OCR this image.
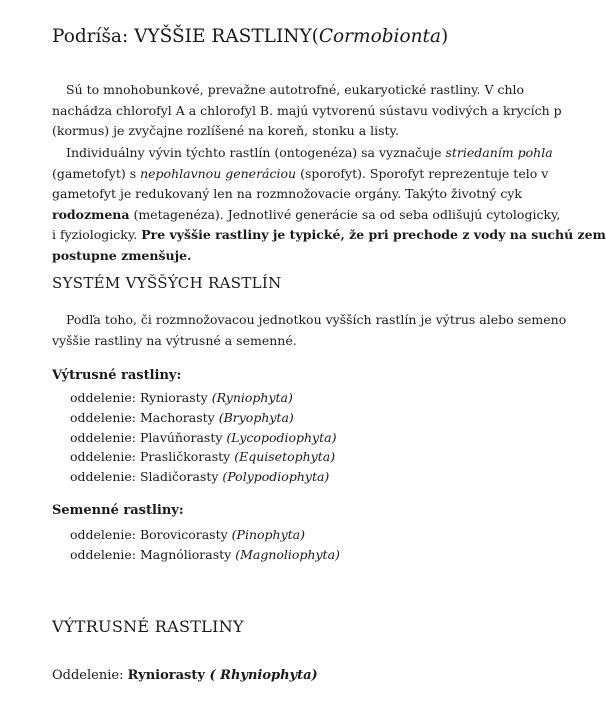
Podríša: VYŠŠIE RASTLINY(Cormobionta)
Sú to mnohobunkové, prevažne autotrofné, eukaryotické rastliny. V chlo
nachádza chlorofyl A a chlorofyl B. majú vytvorenú sústavu vodivých a krycích p
(kormus) je zvyčajne rozlíšené na koreň, stonku a listy.
Individuálny vývin týchto rastlín (ontogenéza) sa vyznačuje striedaním pohla
(gametofyt) s nepohlavnou generáciou (sporofyt). Sporofyt reprezentuje telo v
gametofyt je redukovaný len na rozmnožovacie orgány. Takýto životný cyk
rodozmena (metagenéza). Jednotlivé generácie sa od seba odlišujú cytologicky,
i fyziologicky. Pre vyššie rastliny je typické, že pri prechode z vody na suchú zem
postupne zmenšuje.
SYSTÉM VYŠŠÝCH RASTLÍN
Podľa toho, či rozmnožovacou jednotkou vyšších rastlín je výtrus alebo semeno
vyššie rastliny na výtrusné a semenné.
Výtrusné rastliny:
oddelenie: Ryniorasty (Ryniophyta)
oddelenie: Machorasty (Bryophyta)
oddelenie: Plavúňorasty (Lycopodiophyta)
oddelenie: Prasličkorasty (Equisetophyta)
oddelenie: Sladičorasty (Polypodiophyta)
Semenné rastliny:
oddelenie: Borovicorasty (Pinophyta)
oddelenie: Magnóliorasty (Magnoliophyta)
VÝTRUSNÉ RASTLINY
Oddelenie: Ryniorasty ( Rhyniophyta)
